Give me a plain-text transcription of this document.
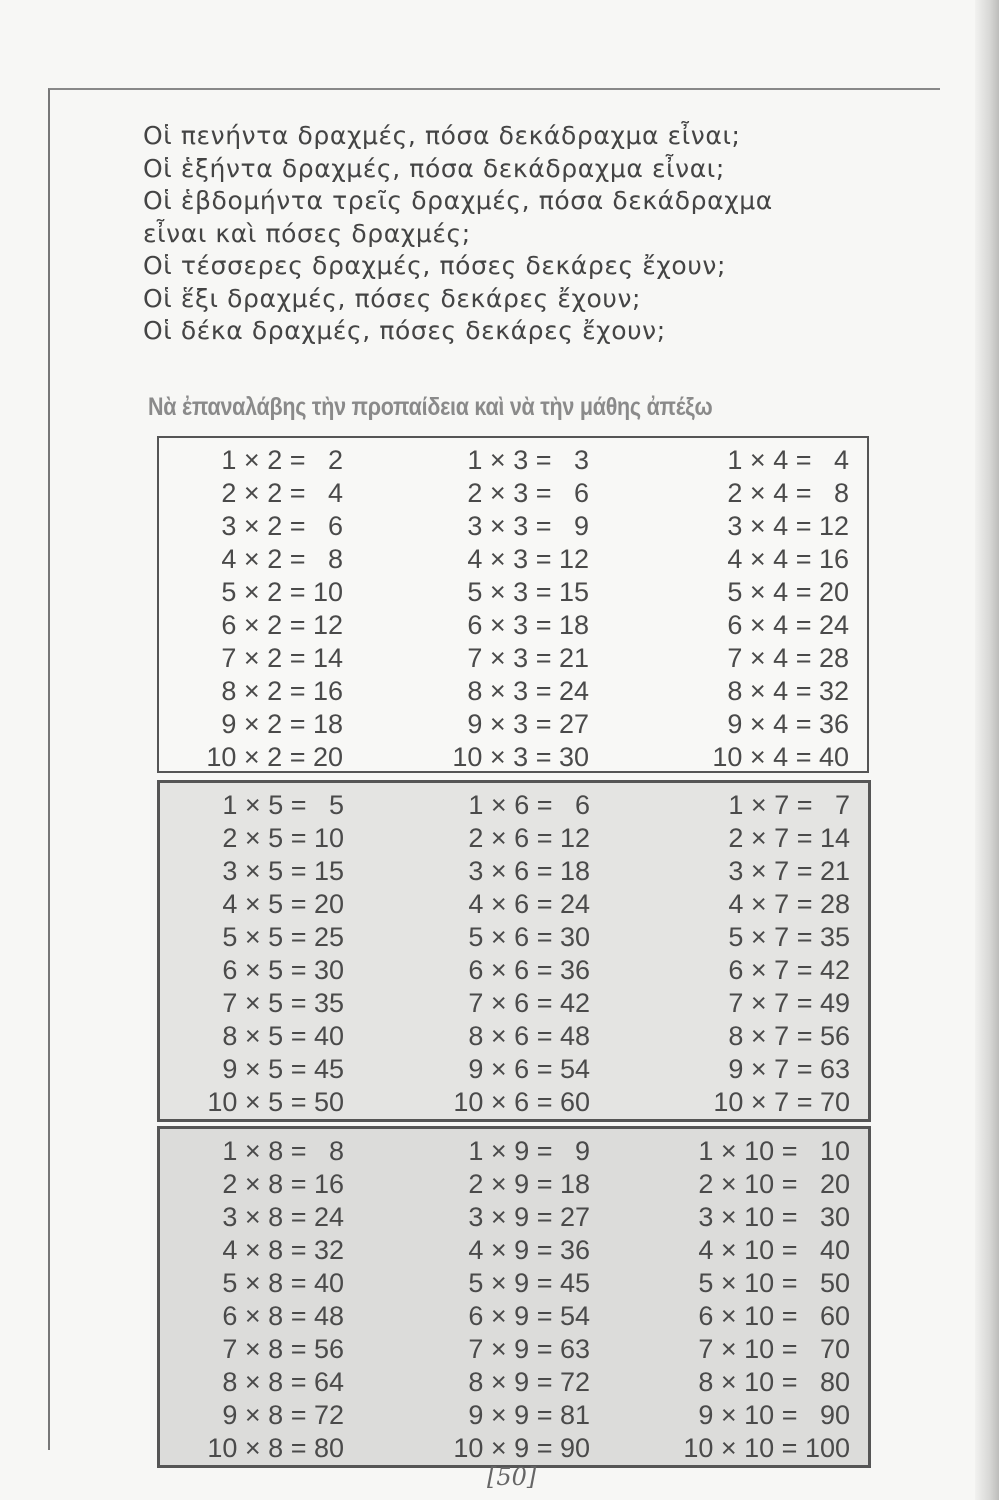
Οἱ πενήντα δραχμές, πόσα δεκάδραχμα εἶναι;
Οἱ ἑξήντα δραχμές, πόσα δεκάδραχμα εἶναι;
Οἱ ἑβδομήντα τρεῖς δραχμές, πόσα δεκάδραχμα
εἶναι καὶ πόσες δραχμές;
Οἱ τέσσερες δραχμές, πόσες δεκάρες ἔχουν;
Οἱ ἕξι δραχμές, πόσες δεκάρες ἔχουν;
Οἱ δέκα δραχμές, πόσες δεκάρες ἔχουν;
Νὰ ἐπαναλάβης τὴν προπαίδεια καὶ νὰ τὴν μάθης ἀπέξω
1 × 2 =   2
2 × 2 =   4
3 × 2 =   6
4 × 2 =   8
5 × 2 = 10
6 × 2 = 12
7 × 2 = 14
8 × 2 = 16
9 × 2 = 18
10 × 2 = 20
1 × 3 =   3
2 × 3 =   6
3 × 3 =   9
4 × 3 = 12
5 × 3 = 15
6 × 3 = 18
7 × 3 = 21
8 × 3 = 24
9 × 3 = 27
10 × 3 = 30
1 × 4 =   4
2 × 4 =   8
3 × 4 = 12
4 × 4 = 16
5 × 4 = 20
6 × 4 = 24
7 × 4 = 28
8 × 4 = 32
9 × 4 = 36
10 × 4 = 40
1 × 5 =   5
2 × 5 = 10
3 × 5 = 15
4 × 5 = 20
5 × 5 = 25
6 × 5 = 30
7 × 5 = 35
8 × 5 = 40
9 × 5 = 45
10 × 5 = 50
1 × 6 =   6
2 × 6 = 12
3 × 6 = 18
4 × 6 = 24
5 × 6 = 30
6 × 6 = 36
7 × 6 = 42
8 × 6 = 48
9 × 6 = 54
10 × 6 = 60
1 × 7 =   7
2 × 7 = 14
3 × 7 = 21
4 × 7 = 28
5 × 7 = 35
6 × 7 = 42
7 × 7 = 49
8 × 7 = 56
9 × 7 = 63
10 × 7 = 70
1 × 8 =   8
2 × 8 = 16
3 × 8 = 24
4 × 8 = 32
5 × 8 = 40
6 × 8 = 48
7 × 8 = 56
8 × 8 = 64
9 × 8 = 72
10 × 8 = 80
1 × 9 =   9
2 × 9 = 18
3 × 9 = 27
4 × 9 = 36
5 × 9 = 45
6 × 9 = 54
7 × 9 = 63
8 × 9 = 72
9 × 9 = 81
10 × 9 = 90
1 × 10 =   10
2 × 10 =   20
3 × 10 =   30
4 × 10 =   40
5 × 10 =   50
6 × 10 =   60
7 × 10 =   70
8 × 10 =   80
9 × 10 =   90
10 × 10 = 100
[50]
